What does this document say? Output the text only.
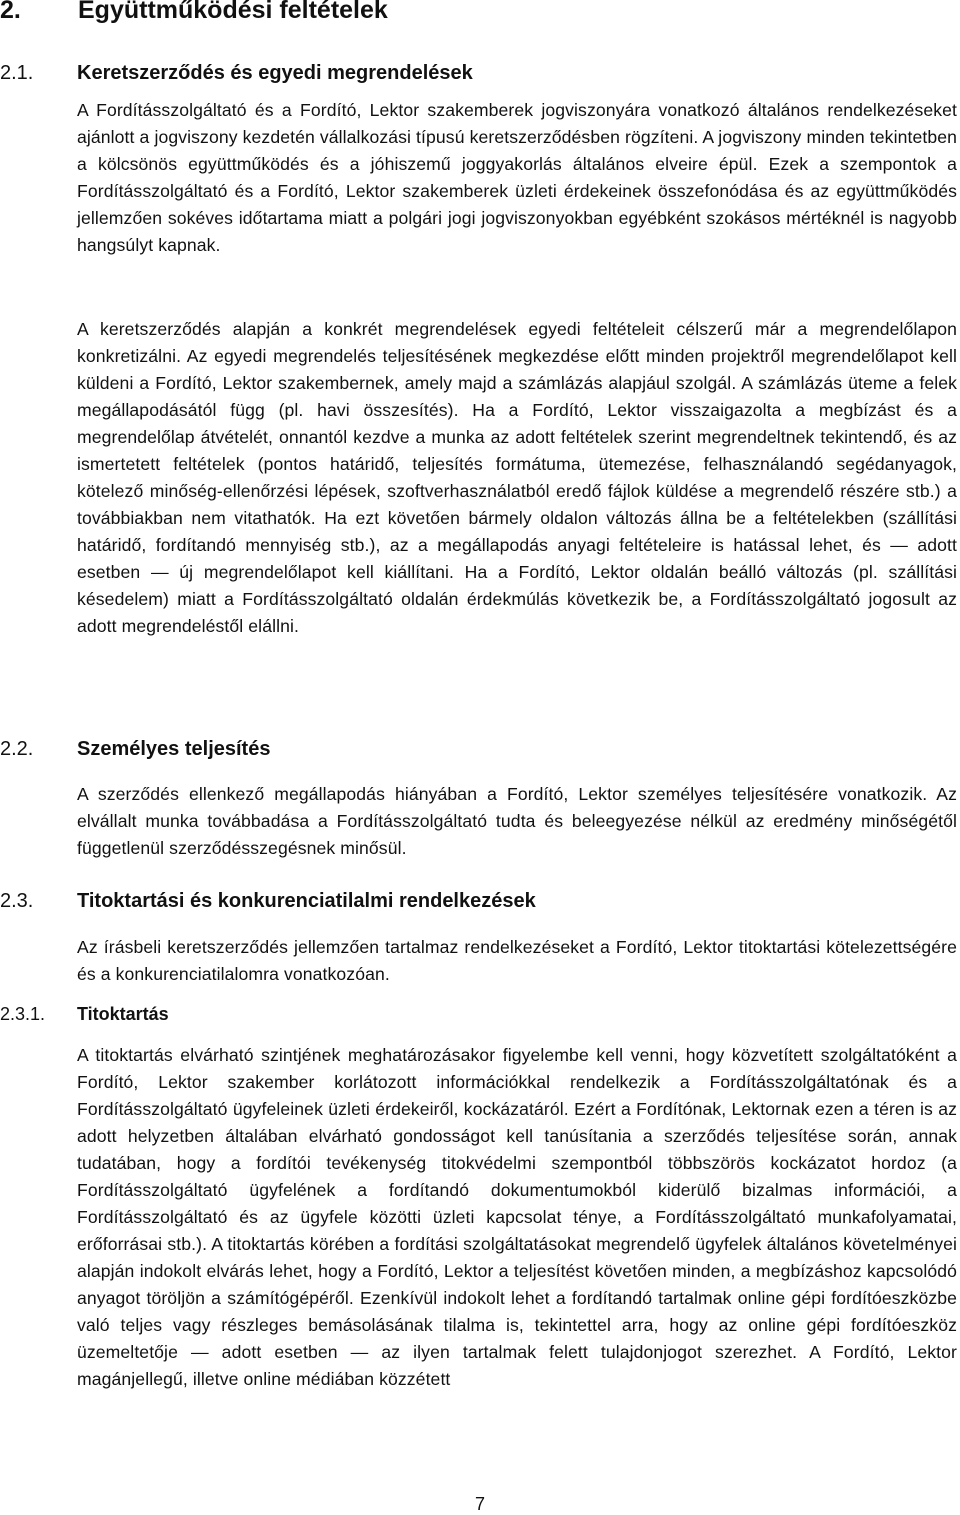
2. Együttműködési feltételek
2.1. Keretszerződés és egyedi megrendelések

A Fordításszolgáltató és a Fordító, Lektor szakemberek jogviszonyára vonatkozó általános rendelkezéseket ajánlott a jogviszony kezdetén vállalkozási típusú keretszerződésben rögzíteni. A jogviszony minden tekintetben a kölcsönös együttműködés és a jóhiszemű joggyakorlás általános elveire épül. Ezek a szempontok a Fordításszolgáltató és a Fordító, Lektor szakemberek üzleti érdekeinek összefonódása és az együttműködés jellemzően sokéves időtartama miatt a polgári jogi jogviszonyokban egyébként szokásos mértéknél is nagyobb hangsúlyt kapnak.

A keretszerződés alapján a konkrét megrendelések egyedi feltételeit célszerű már a megrendelőlapon konkretizálni. Az egyedi megrendelés teljesítésének megkezdése előtt minden projektről megrendelőlapot kell küldeni a Fordító, Lektor szakembernek, amely majd a számlázás alapjául szolgál. A számlázás üteme a felek megállapodásától függ (pl. havi összesítés). Ha a Fordító, Lektor visszaigazolta a megbízást és a megrendelőlap átvételét, onnantól kezdve a munka az adott feltételek szerint megrendeltnek tekintendő, és az ismertetett feltételek (pontos határidő, teljesítés formátuma, ütemezése, felhasználandó segédanyagok, kötelező minőség-ellenőrzési lépések, szoftverhasználatból eredő fájlok küldése a megrendelő részére stb.) a továbbiakban nem vitathatók. Ha ezt követően bármely oldalon változás állna be a feltételekben (szállítási határidő, fordítandó mennyiség stb.), az a megállapodás anyagi feltételeire is hatással lehet, és — adott esetben — új megrendelőlapot kell kiállítani. Ha a Fordító, Lektor oldalán beálló változás (pl. szállítási késedelem) miatt a Fordításszolgáltató oldalán érdekmúlás következik be, a Fordításszolgáltató jogosult az adott megrendeléstől elállni.

2.2. Személyes teljesítés

A szerződés ellenkező megállapodás hiányában a Fordító, Lektor személyes teljesítésére vonatkozik. Az elvállalt munka továbbadása a Fordításszolgáltató tudta és beleegyezése nélkül az eredmény minőségétől függetlenül szerződésszegésnek minősül.

2.3. Titoktartási és konkurenciatilalmi rendelkezések

Az írásbeli keretszerződés jellemzően tartalmaz rendelkezéseket a Fordító, Lektor titoktartási kötelezettségére és a konkurenciatilalomra vonatkozóan.

2.3.1. Titoktartás

A titoktartás elvárható szintjének meghatározásakor figyelembe kell venni, hogy közvetített szolgáltatóként a Fordító, Lektor szakember korlátozott információkkal rendelkezik a Fordításszolgáltatónak és a Fordításszolgáltató ügyfeleinek üzleti érdekeiről, kockázatáról. Ezért a Fordítónak, Lektornak ezen a téren is az adott helyzetben általában elvárható gondosságot kell tanúsítania a szerződés teljesítése során, annak tudatában, hogy a fordítói tevékenység titokvédelmi szempontból többszörös kockázatot hordoz (a Fordításszolgáltató ügyfelének a fordítandó dokumentumokból kiderülő bizalmas információi, a Fordításszolgáltató és az ügyfele közötti üzleti kapcsolat ténye, a Fordításszolgáltató munkafolyamatai, erőforrásai stb.). A titoktartás körében a fordítási szolgáltatásokat megrendelő ügyfelek általános követelményei alapján indokolt elvárás lehet, hogy a Fordító, Lektor a teljesítést követően minden, a megbízáshoz kapcsolódó anyagot töröljön a számítógépéről. Ezenkívül indokolt lehet a fordítandó tartalmak online gépi fordítóeszközbe való teljes vagy részleges bemásolásának tilalma is, tekintettel arra, hogy az online gépi fordítóeszköz üzemeltetője — adott esetben — az ilyen tartalmak felett tulajdonjogot szerezhet. A Fordító, Lektor magánjellegű, illetve online médiában közzétett

7
